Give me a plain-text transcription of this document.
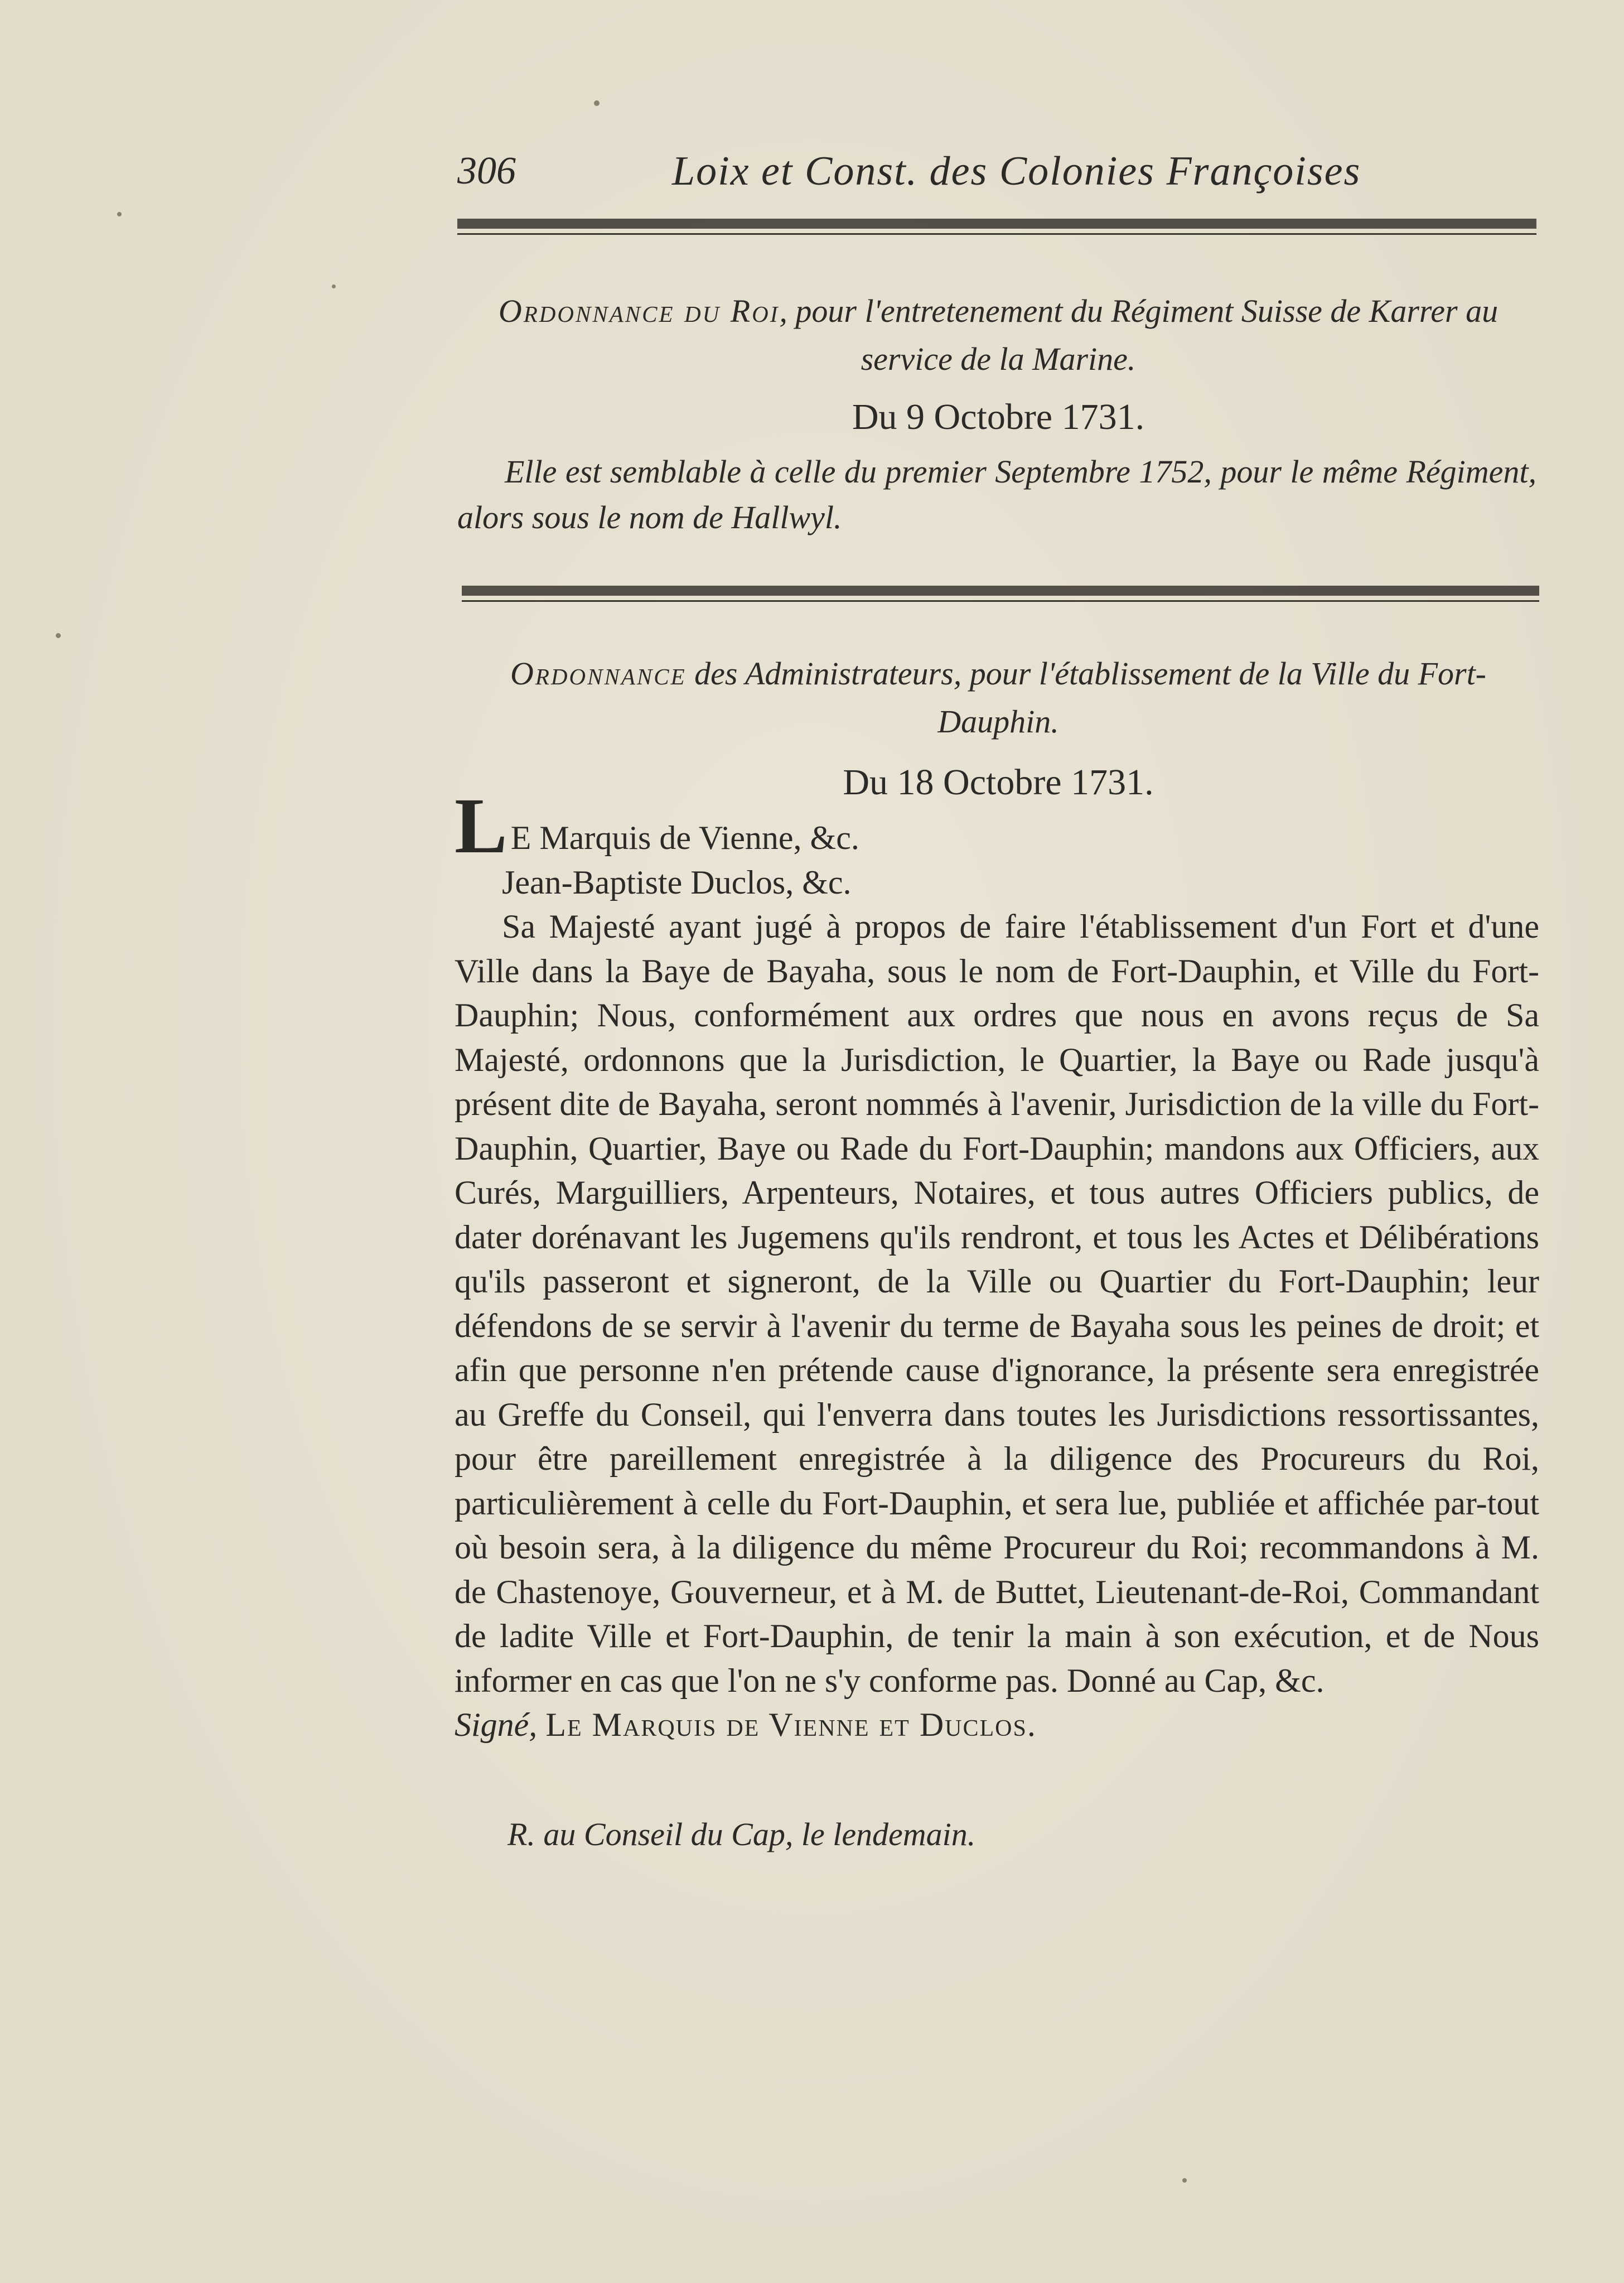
306	Loix et Const. des Colonies Françoises
Ordonnance du Roi, pour l'entretenement du Régiment Suisse de Karrer au service de la Marine.
Du 9 Octobre 1731.
Elle est semblable à celle du premier Septembre 1752, pour le même Régiment, alors sous le nom de Hallwyl.
Ordonnance des Administrateurs, pour l'établissement de la Ville du Fort-Dauphin.
Du 18 Octobre 1731.

L E Marquis de Vienne, &c.

Jean-Baptiste Duclos, &c.

Sa Majesté ayant jugé à propos de faire l'établissement d'un Fort et d'une Ville dans la Baye de Bayaha, sous le nom de Fort-Dauphin, et Ville du Fort-Dauphin; Nous, conformément aux ordres que nous en avons reçus de Sa Majesté, ordonnons que la Jurisdiction, le Quartier, la Baye ou Rade jusqu'à présent dite de Bayaha, seront nommés à l'avenir, Jurisdiction de la ville du Fort-Dauphin, Quartier, Baye ou Rade du Fort-Dauphin; mandons aux Officiers, aux Curés, Marguilliers, Arpenteurs, Notaires, et tous autres Officiers publics, de dater dorénavant les Jugemens qu'ils rendront, et tous les Actes et Délibérations qu'ils passeront et signeront, de la Ville ou Quartier du Fort-Dauphin; leur défendons de se servir à l'avenir du terme de Bayaha sous les peines de droit; et afin que personne n'en prétende cause d'ignorance, la présente sera enregistrée au Greffe du Conseil, qui l'enverra dans toutes les Jurisdictions ressortissantes, pour être pareillement enregistrée à la diligence des Procureurs du Roi, particulièrement à celle du Fort-Dauphin, et sera lue, publiée et affichée par-tout où besoin sera, à la diligence du même Procureur du Roi; recommandons à M. de Chastenoye, Gouverneur, et à M. de Buttet, Lieutenant-de-Roi, Commandant de ladite Ville et Fort-Dauphin, de tenir la main à son exécution, et de Nous informer en cas que l'on ne s'y conforme pas. Donné au Cap, &c.

Signé, Le Marquis de Vienne et Duclos.

R. au Conseil du Cap, le lendemain.
